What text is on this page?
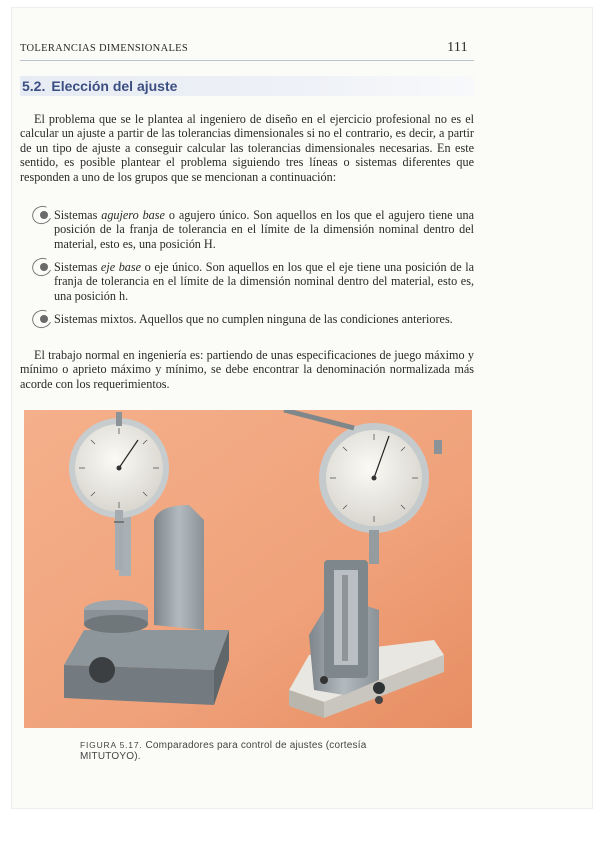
TOLERANCIAS DIMENSIONALES	111
5.2. Elección del ajuste

El problema que se le plantea al ingeniero de diseño en el ejercicio profesional no es el calcular un ajuste a partir de las tolerancias dimensionales si no el contrario, es decir, a partir de un tipo de ajuste a conseguir calcular las tolerancias dimensionales necesarias. En este sentido, es posible plantear el problema siguiendo tres líneas o sistemas diferentes que responden a uno de los grupos que se mencionan a continuación:

Sistemas agujero base o agujero único. Son aquellos en los que el agujero tiene una posición de la franja de tolerancia en el límite de la dimensión nominal dentro del material, esto es, una posición H.
Sistemas eje base o eje único. Son aquellos en los que el eje tiene una posición de la franja de tolerancia en el límite de la dimensión nominal dentro del material, esto es, una posición h.
Sistemas mixtos. Aquellos que no cumplen ninguna de las condiciones anteriores.

El trabajo normal en ingeniería es: partiendo de unas especificaciones de juego máximo y mínimo o aprieto máximo y mínimo, se debe encontrar la denominación normalizada más acorde con los requerimientos.

FIGURA 5.17. Comparadores para control de ajustes (cortesía MITUTOYO).
